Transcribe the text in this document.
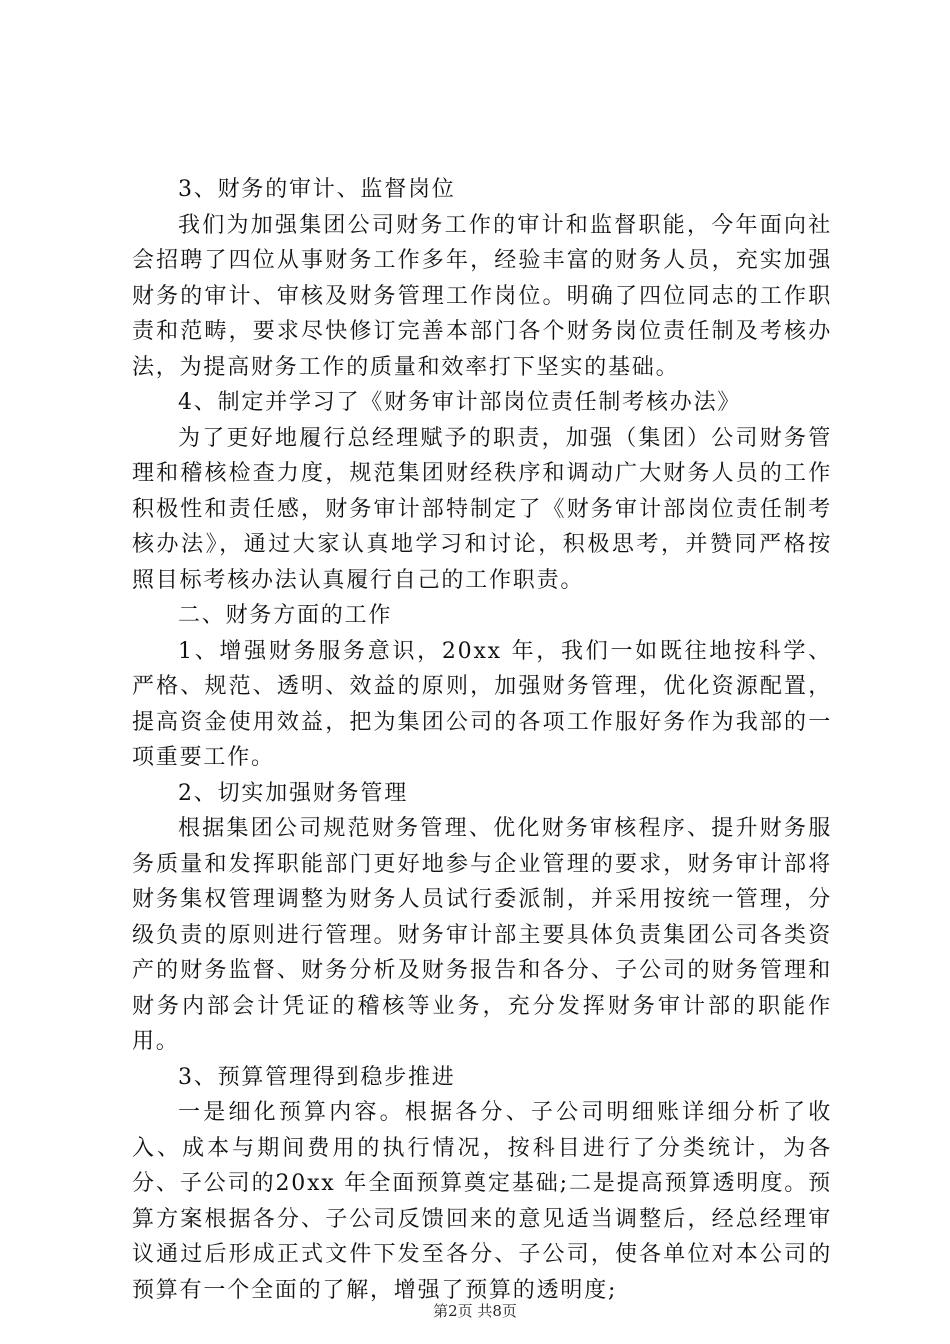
3、财务的审计、监督岗位

我们为加强集团公司财务工作的审计和监督职能，今年面向社会招聘了四位从事财务工作多年，经验丰富的财务人员，充实加强财务的审计、审核及财务管理工作岗位。明确了四位同志的工作职责和范畴，要求尽快修订完善本部门各个财务岗位责任制及考核办法，为提高财务工作的质量和效率打下坚实的基础。

4、制定并学习了《财务审计部岗位责任制考核办法》

为了更好地履行总经理赋予的职责，加强（集团）公司财务管理和稽核检查力度，规范集团财经秩序和调动广大财务人员的工作积极性和责任感，财务审计部特制定了《财务审计部岗位责任制考核办法》，通过大家认真地学习和讨论，积极思考，并赞同严格按照目标考核办法认真履行自己的工作职责。

二、财务方面的工作

1、增强财务服务意识，20xx 年，我们一如既往地按科学、严格、规范、透明、效益的原则，加强财务管理，优化资源配置，提高资金使用效益，把为集团公司的各项工作服好务作为我部的一项重要工作。

2、切实加强财务管理

根据集团公司规范财务管理、优化财务审核程序、提升财务服务质量和发挥职能部门更好地参与企业管理的要求，财务审计部将财务集权管理调整为财务人员试行委派制，并采用按统一管理，分级负责的原则进行管理。财务审计部主要具体负责集团公司各类资产的财务监督、财务分析及财务报告和各分、子公司的财务管理和财务内部会计凭证的稽核等业务，充分发挥财务审计部的职能作用。

3、预算管理得到稳步推进

一是细化预算内容。根据各分、子公司明细账详细分析了收入、成本与期间费用的执行情况，按科目进行了分类统计，为各分、子公司的20xx 年全面预算奠定基础;二是提高预算透明度。预算方案根据各分、子公司反馈回来的意见适当调整后，经总经理审议通过后形成正式文件下发至各分、子公司，使各单位对本公司的预算有一个全面的了解，增强了预算的透明度;

第2页 共8页
